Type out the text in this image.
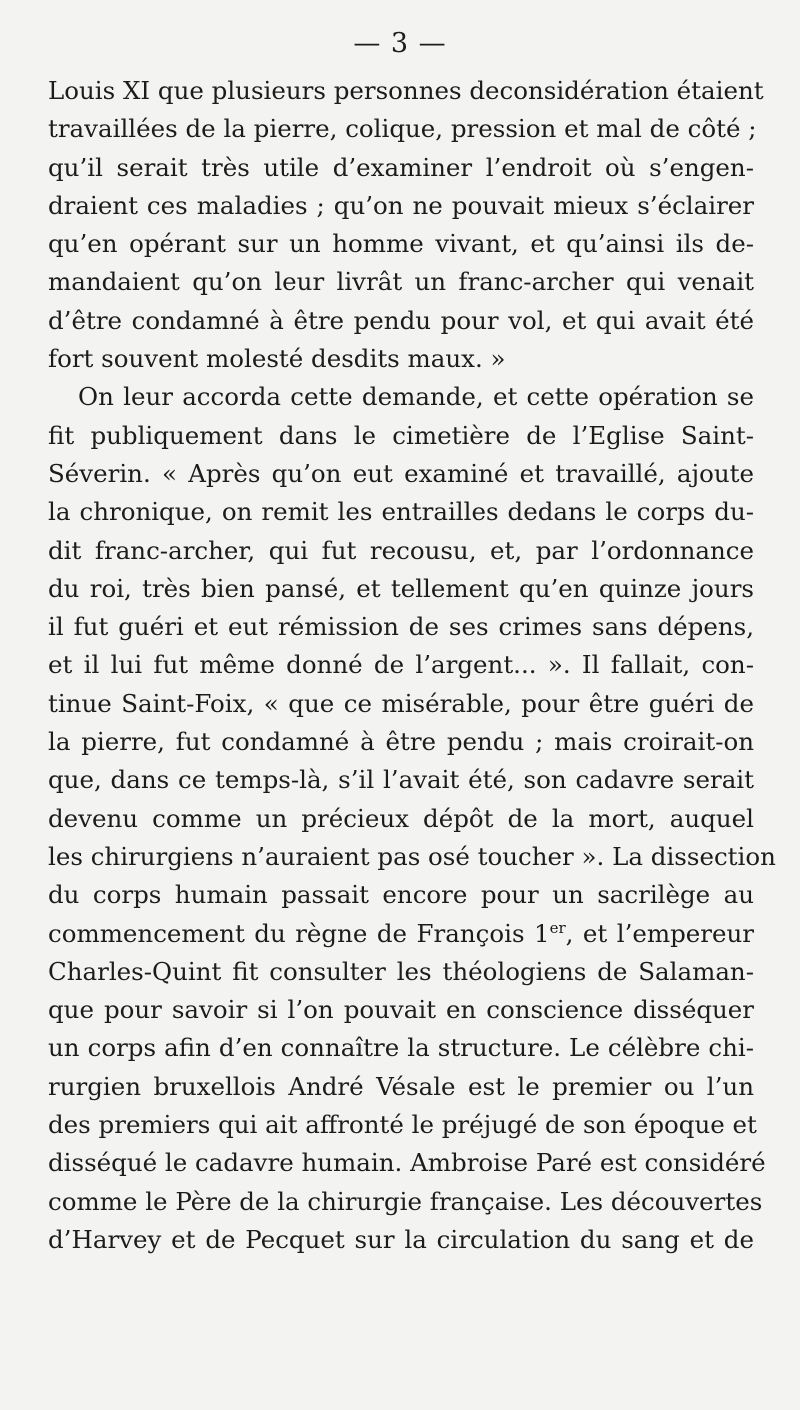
— 3 —
Louis XI que plusieurs personnes deconsidération étaient
travaillées de la pierre, colique, pression et mal de côté ;
qu’il serait très utile d’examiner l’endroit où s’engen-
draient ces maladies ; qu’on ne pouvait mieux s’éclairer
qu’en opérant sur un homme vivant, et qu’ainsi ils de-
mandaient qu’on leur livrât un franc-archer qui venait
d’être condamné à être pendu pour vol, et qui avait été
fort souvent molesté desdits maux. »
On leur accorda cette demande, et cette opération se
fit publiquement dans le cimetière de l’Eglise Saint-
Séverin. « Après qu’on eut examiné et travaillé, ajoute
la chronique, on remit les entrailles dedans le corps du-
dit franc-archer, qui fut recousu, et, par l’ordonnance
du roi, très bien pansé, et tellement qu’en quinze jours
il fut guéri et eut rémission de ses crimes sans dépens,
et il lui fut même donné de l’argent... ». Il fallait, con-
tinue Saint-Foix, « que ce misérable, pour être guéri de
la pierre, fut condamné à être pendu ; mais croirait-on
que, dans ce temps-là, s’il l’avait été, son cadavre serait
devenu comme un précieux dépôt de la mort, auquel
les chirurgiens n’auraient pas osé toucher ». La dissection
du corps humain passait encore pour un sacrilège au
commencement du règne de François 1er, et l’empereur
Charles-Quint fit consulter les théologiens de Salaman-
que pour savoir si l’on pouvait en conscience disséquer
un corps afin d’en connaître la structure. Le célèbre chi-
rurgien bruxellois André Vésale est le premier ou l’un
des premiers qui ait affronté le préjugé de son époque et
disséqué le cadavre humain. Ambroise Paré est considéré
comme le Père de la chirurgie française. Les découvertes
d’Harvey et de Pecquet sur la circulation du sang et de
